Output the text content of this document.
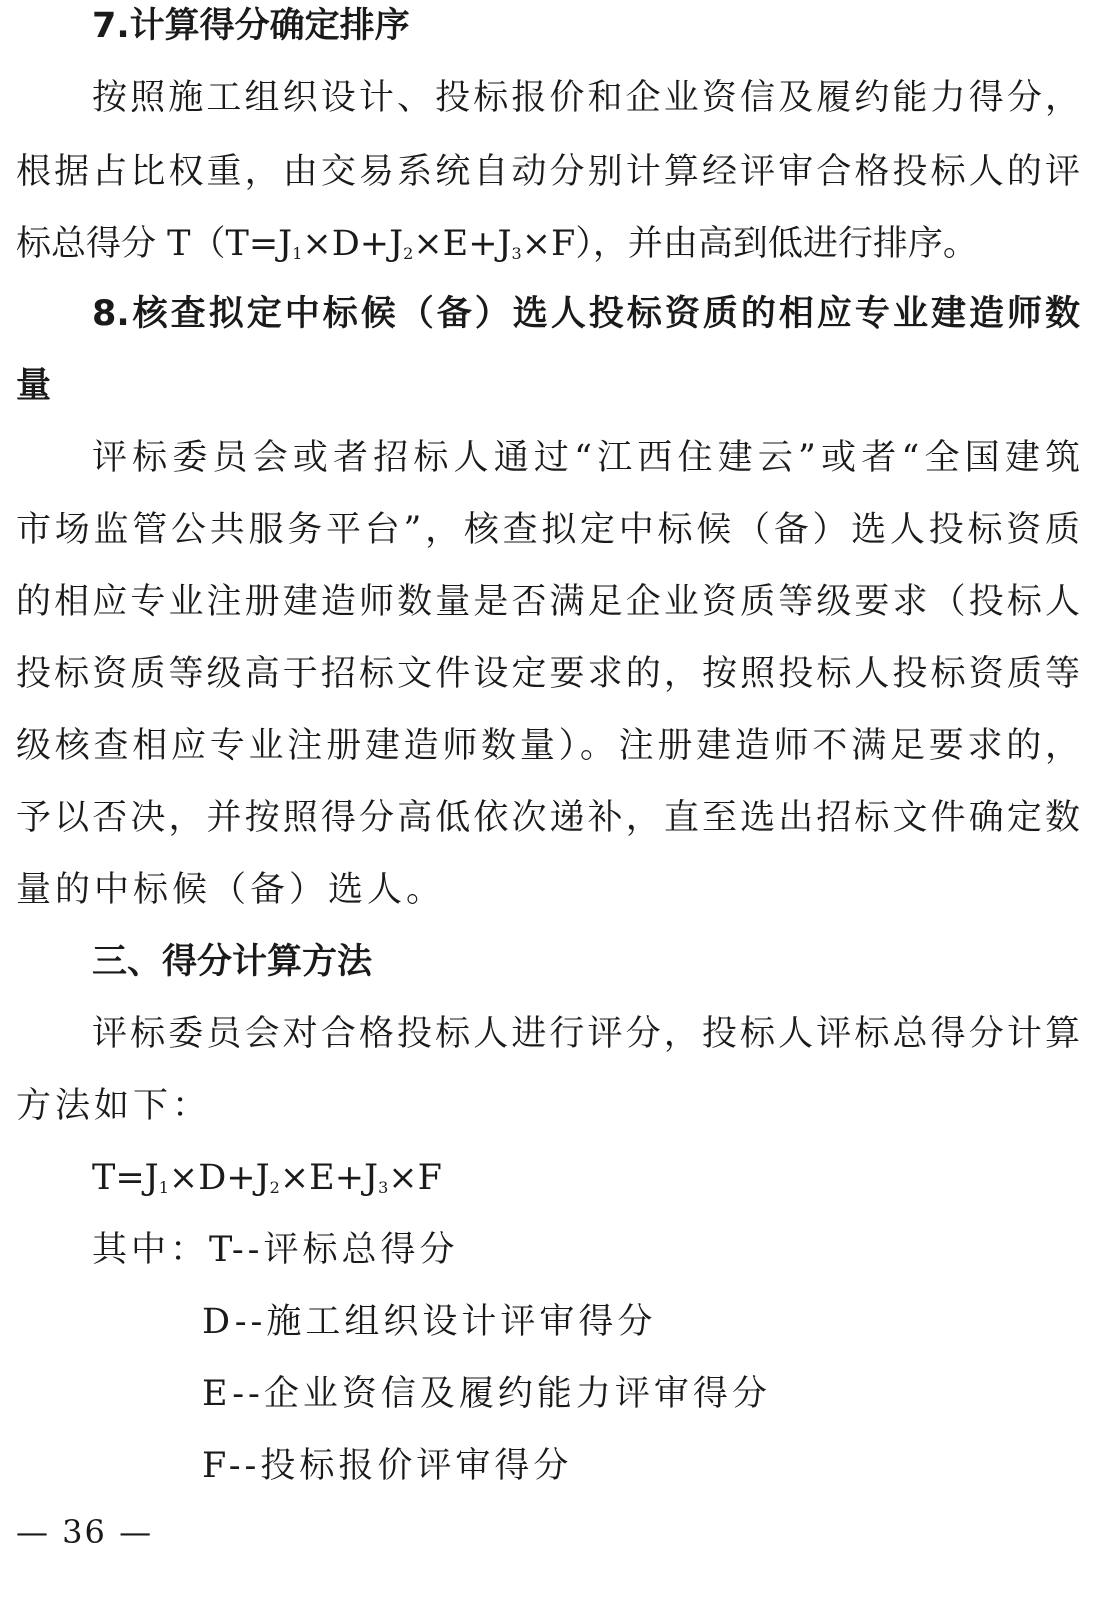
7.计算得分确定排序
按照施工组织设计、投标报价和企业资信及履约能力得分，
根据占比权重，由交易系统自动分别计算经评审合格投标人的评
标总得分 $T(T=J_1\times D+J_2\times E+J_3\times F)$，并由高到低进行排序。
8.核查拟定中标候（备）选人投标资质的相应专业建造师数
量
评标委员会或者招标人通过“江西住建云”或者“全国建筑
市场监管公共服务平台”，核查拟定中标候（备）选人投标资质
的相应专业注册建造师数量是否满足企业资质等级要求（投标人
投标资质等级高于招标文件设定要求的，按照投标人投标资质等
级核查相应专业注册建造师数量）。注册建造师不满足要求的，
予以否决，并按照得分高低依次递补，直至选出招标文件确定数
量的中标候（备）选人。
三、得分计算方法
评标委员会对合格投标人进行评分，投标人评标总得分计算
方法如下：
$T=J_1\times D+J_2\times E+J_3\times F$
其中：T--评标总得分
D--施工组织设计评审得分
E--企业资信及履约能力评审得分
F--投标报价评审得分
— 36 —
